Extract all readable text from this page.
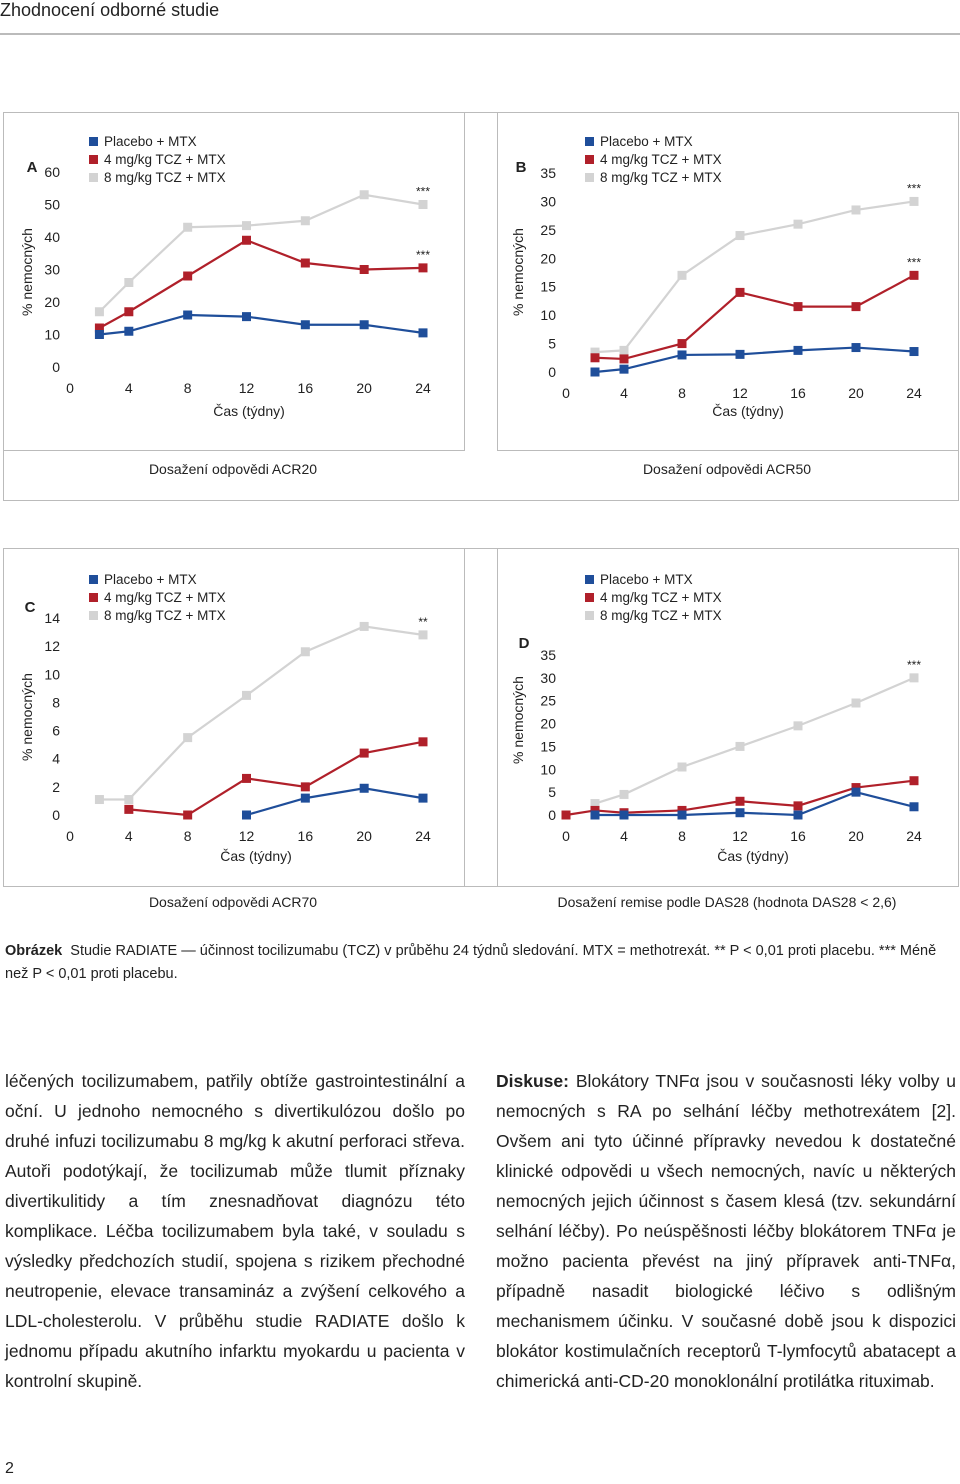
Zhodnocení odborné studie
A
% nemocných
0
10
20
30
40
50
60
0	4	8	12	16	20	24
Čas (týdny)
Placebo + MTX
4 mg/kg TCZ + MTX
8 mg/kg TCZ + MTX
***
***
B
% nemocných
0
5
10
15
20
25
30
35
0	4	8	12	16	20	24
Čas (týdny)
Placebo + MTX
4 mg/kg TCZ + MTX
8 mg/kg TCZ + MTX
***
***
C
% nemocných
0
2
4
6
8
10
12
14
0	4	8	12	16	20	24
Čas (týdny)
Placebo + MTX
4 mg/kg TCZ + MTX
8 mg/kg TCZ + MTX	**
D
% nemocných
0
5
10
15
20
25
30
35
0	4	8	12	16	20	24
Čas (týdny)
Placebo + MTX
4 mg/kg TCZ + MTX
8 mg/kg TCZ + MTX
***
Dosažení odpovědi ACR20	Dosažení odpovědi ACR50
Dosažení odpovědi ACR70	Dosažení remise podle DAS28 (hodnota DAS28 < 2,6)
Obrázek Studie RADIATE — účinnost tocilizumabu (TCZ) v průběhu 24 týdnů sledování. MTX = methotrexát. ** P < 0,01 proti placebu. *** Méně než P < 0,01 proti placebu.
léčených tocilizumabem, patřily obtíže gastrointestinální a oční. U jednoho nemocného s divertikulózou došlo po druhé infuzi tocilizumabu 8 mg/kg k akutní perforaci střeva. Autoři podotýkají, že tocilizumab může tlumit příznaky divertikulitidy a tím znesnadňovat diagnózu této komplikace. Léčba tocilizumabem byla také, v souladu s výsledky předchozích studií, spojena s rizikem přechodné neutropenie, elevace transamináz a zvýšení celkového a LDL-cholesterolu. V průběhu studie RADIATE došlo k jednomu případu akutního infarktu myokardu u pacienta v kontrolní skupině.
Diskuse: Blokátory TNFα jsou v současnosti léky volby u nemocných s RA po selhání léčby methotrexátem [2]. Ovšem ani tyto účinné přípravky nevedou k dostatečné klinické odpovědi u všech nemocných, navíc u některých nemocných jejich účinnost s časem klesá (tzv. sekundární selhání léčby). Po neúspěšnosti léčby blokátorem TNFα je možno pacienta převést na jiný přípravek anti-TNFα, případně nasadit biologické léčivo s odlišným mechanismem účinku. V současné době jsou k dispozici blokátor kostimulačních receptorů T-lymfocytů abatacept a chimerická anti-CD-20 monoklonální protilátka rituximab.
2
